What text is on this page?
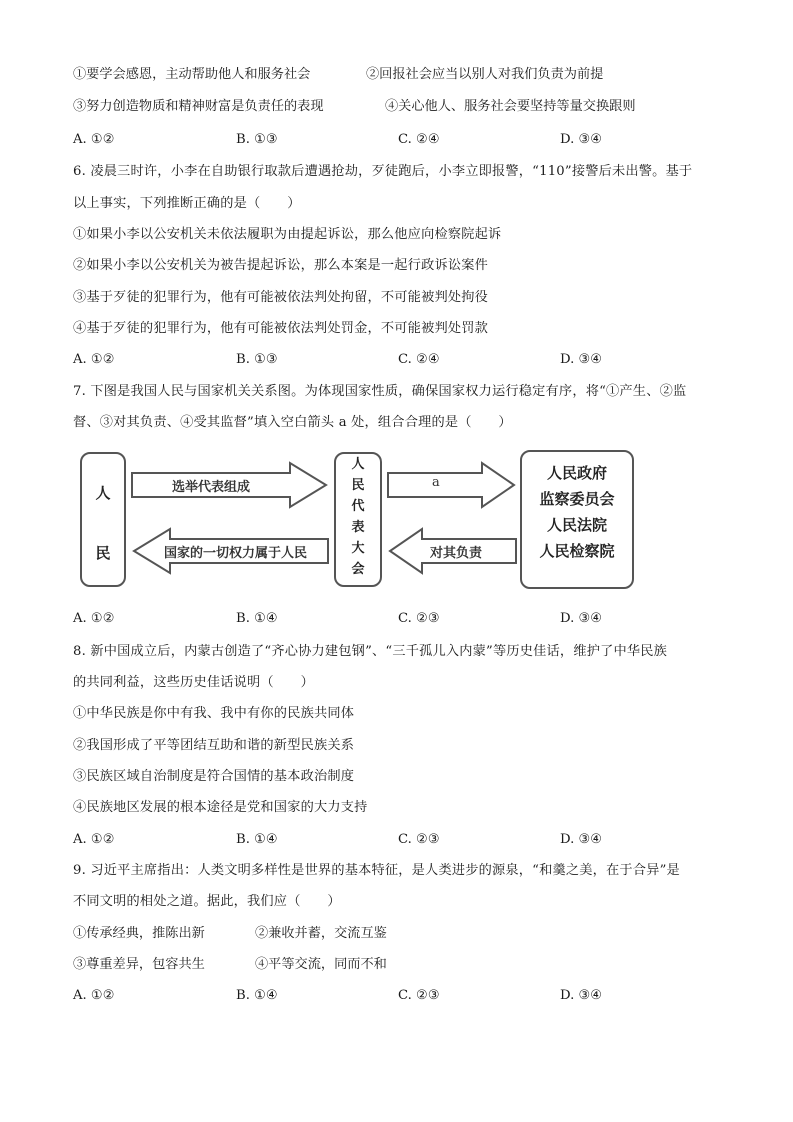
①要学会感恩，主动帮助他人和服务社会	②回报社会应当以别人对我们负责为前提
③努力创造物质和精神财富是负责任的表现	④关心他人、服务社会要坚持等量交换跟则
A. ①②	B. ①③	C. ②④	D. ③④
6. 凌晨三时许，小李在自助银行取款后遭遇抢劫，歹徒跑后，小李立即报警，“110”接警后未出警。基于
以上事实，下列推断正确的是（　　）
①如果小李以公安机关未依法履职为由提起诉讼，那么他应向检察院起诉
②如果小李以公安机关为被告提起诉讼，那么本案是一起行政诉讼案件
③基于歹徒的犯罪行为，他有可能被依法判处拘留，不可能被判处拘役
④基于歹徒的犯罪行为，他有可能被依法判处罚金，不可能被判处罚款
A. ①②	B. ①③	C. ②④	D. ③④
7. 下图是我国人民与国家机关关系图。为体现国家性质，确保国家权力运行稳定有序，将“①产生、②监
督、③对其负责、④受其监督”填入空白箭头 a 处，组合合理的是（　　）
人
民
人
民
代
表
大
会
人民政府
监察委员会
人民法院
人民检察院
选举代表组成
国家的一切权力属于人民
a
对其负责
A. ①②	B. ①④	C. ②③	D. ③④
8. 新中国成立后，内蒙古创造了“齐心协力建包钢”、“三千孤儿入内蒙”等历史佳话，维护了中华民族
的共同利益，这些历史佳话说明（　　）
①中华民族是你中有我、我中有你的民族共同体
②我国形成了平等团结互助和谐的新型民族关系
③民族区域自治制度是符合国情的基本政治制度
④民族地区发展的根本途径是党和国家的大力支持
A. ①②	B. ①④	C. ②③	D. ③④
9. 习近平主席指出：人类文明多样性是世界的基本特征，是人类进步的源泉，“和羹之美，在于合异”是
不同文明的相处之道。据此，我们应（　　）
①传承经典，推陈出新	②兼收并蓄，交流互鉴
③尊重差异，包容共生	④平等交流，同而不和
A. ①②	B. ①④	C. ②③	D. ③④
